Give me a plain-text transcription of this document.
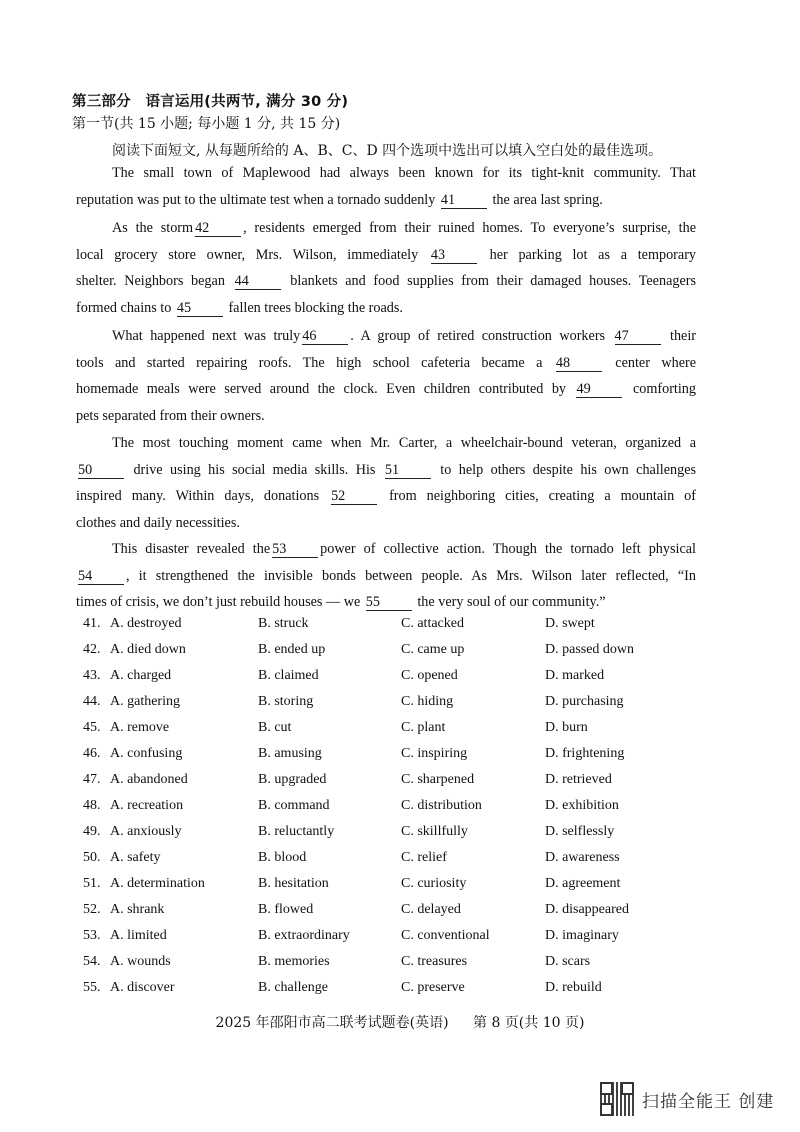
第三部分　语言运用(共两节, 满分 30 分)
第一节(共 15 小题; 每小题 1 分, 共 15 分)
阅读下面短文, 从每题所给的 A、B、C、D 四个选项中选出可以填入空白处的最佳选项。
The small town of Maplewood had always been known for its tight-knit community. That
reputation was put to the ultimate test when a tornado suddenly 41	the area last spring.
As the storm 42 , residents emerged from their ruined homes. To everyone’s surprise, the
local grocery store owner, Mrs. Wilson, immediately 43	her parking lot as a temporary
shelter. Neighbors began 44	blankets and food supplies from their damaged houses. Teenagers
formed chains to 45	fallen trees blocking the roads.
What happened next was truly 46 . A group of retired construction workers 47	their
tools and started repairing roofs. The high school cafeteria became a 48	center where
homemade meals were served around the clock. Even children contributed by 49	comforting
pets separated from their owners.
The most touching moment came when Mr. Carter, a wheelchair-bound veteran, organized a
50	drive using his social media skills. His 51	to help others despite his own challenges
inspired many. Within days, donations 52	from neighboring cities, creating a mountain of
clothes and daily necessities.
This disaster revealed the 53 power of collective action. Though the tornado left physical
54 , it strengthened the invisible bonds between people. As Mrs. Wilson later reflected, “In
times of crisis, we don’t just rebuild houses — we 55	the very soul of our community.”
41. A. destroyed	B. struck	C. attacked	D. swept
42. A. died down	B. ended up	C. came up	D. passed down
43. A. charged	B. claimed	C. opened	D. marked
44. A. gathering	B. storing	C. hiding	D. purchasing
45. A. remove	B. cut	C. plant	D. burn
46. A. confusing	B. amusing	C. inspiring	D. frightening
47. A. abandoned	B. upgraded	C. sharpened	D. retrieved
48. A. recreation	B. command	C. distribution	D. exhibition
49. A. anxiously	B. reluctantly	C. skillfully	D. selflessly
50. A. safety	B. blood	C. relief	D. awareness
51. A. determination	B. hesitation	C. curiosity	D. agreement
52. A. shrank	B. flowed	C. delayed	D. disappeared
53. A. limited	B. extraordinary	C. conventional	D. imaginary
54. A. wounds	B. memories	C. treasures	D. scars
55. A. discover	B. challenge	C. preserve	D. rebuild
2025 年邵阳市高二联考试题卷(英语) 第 8 页(共 10 页)
扫描全能王 创建
